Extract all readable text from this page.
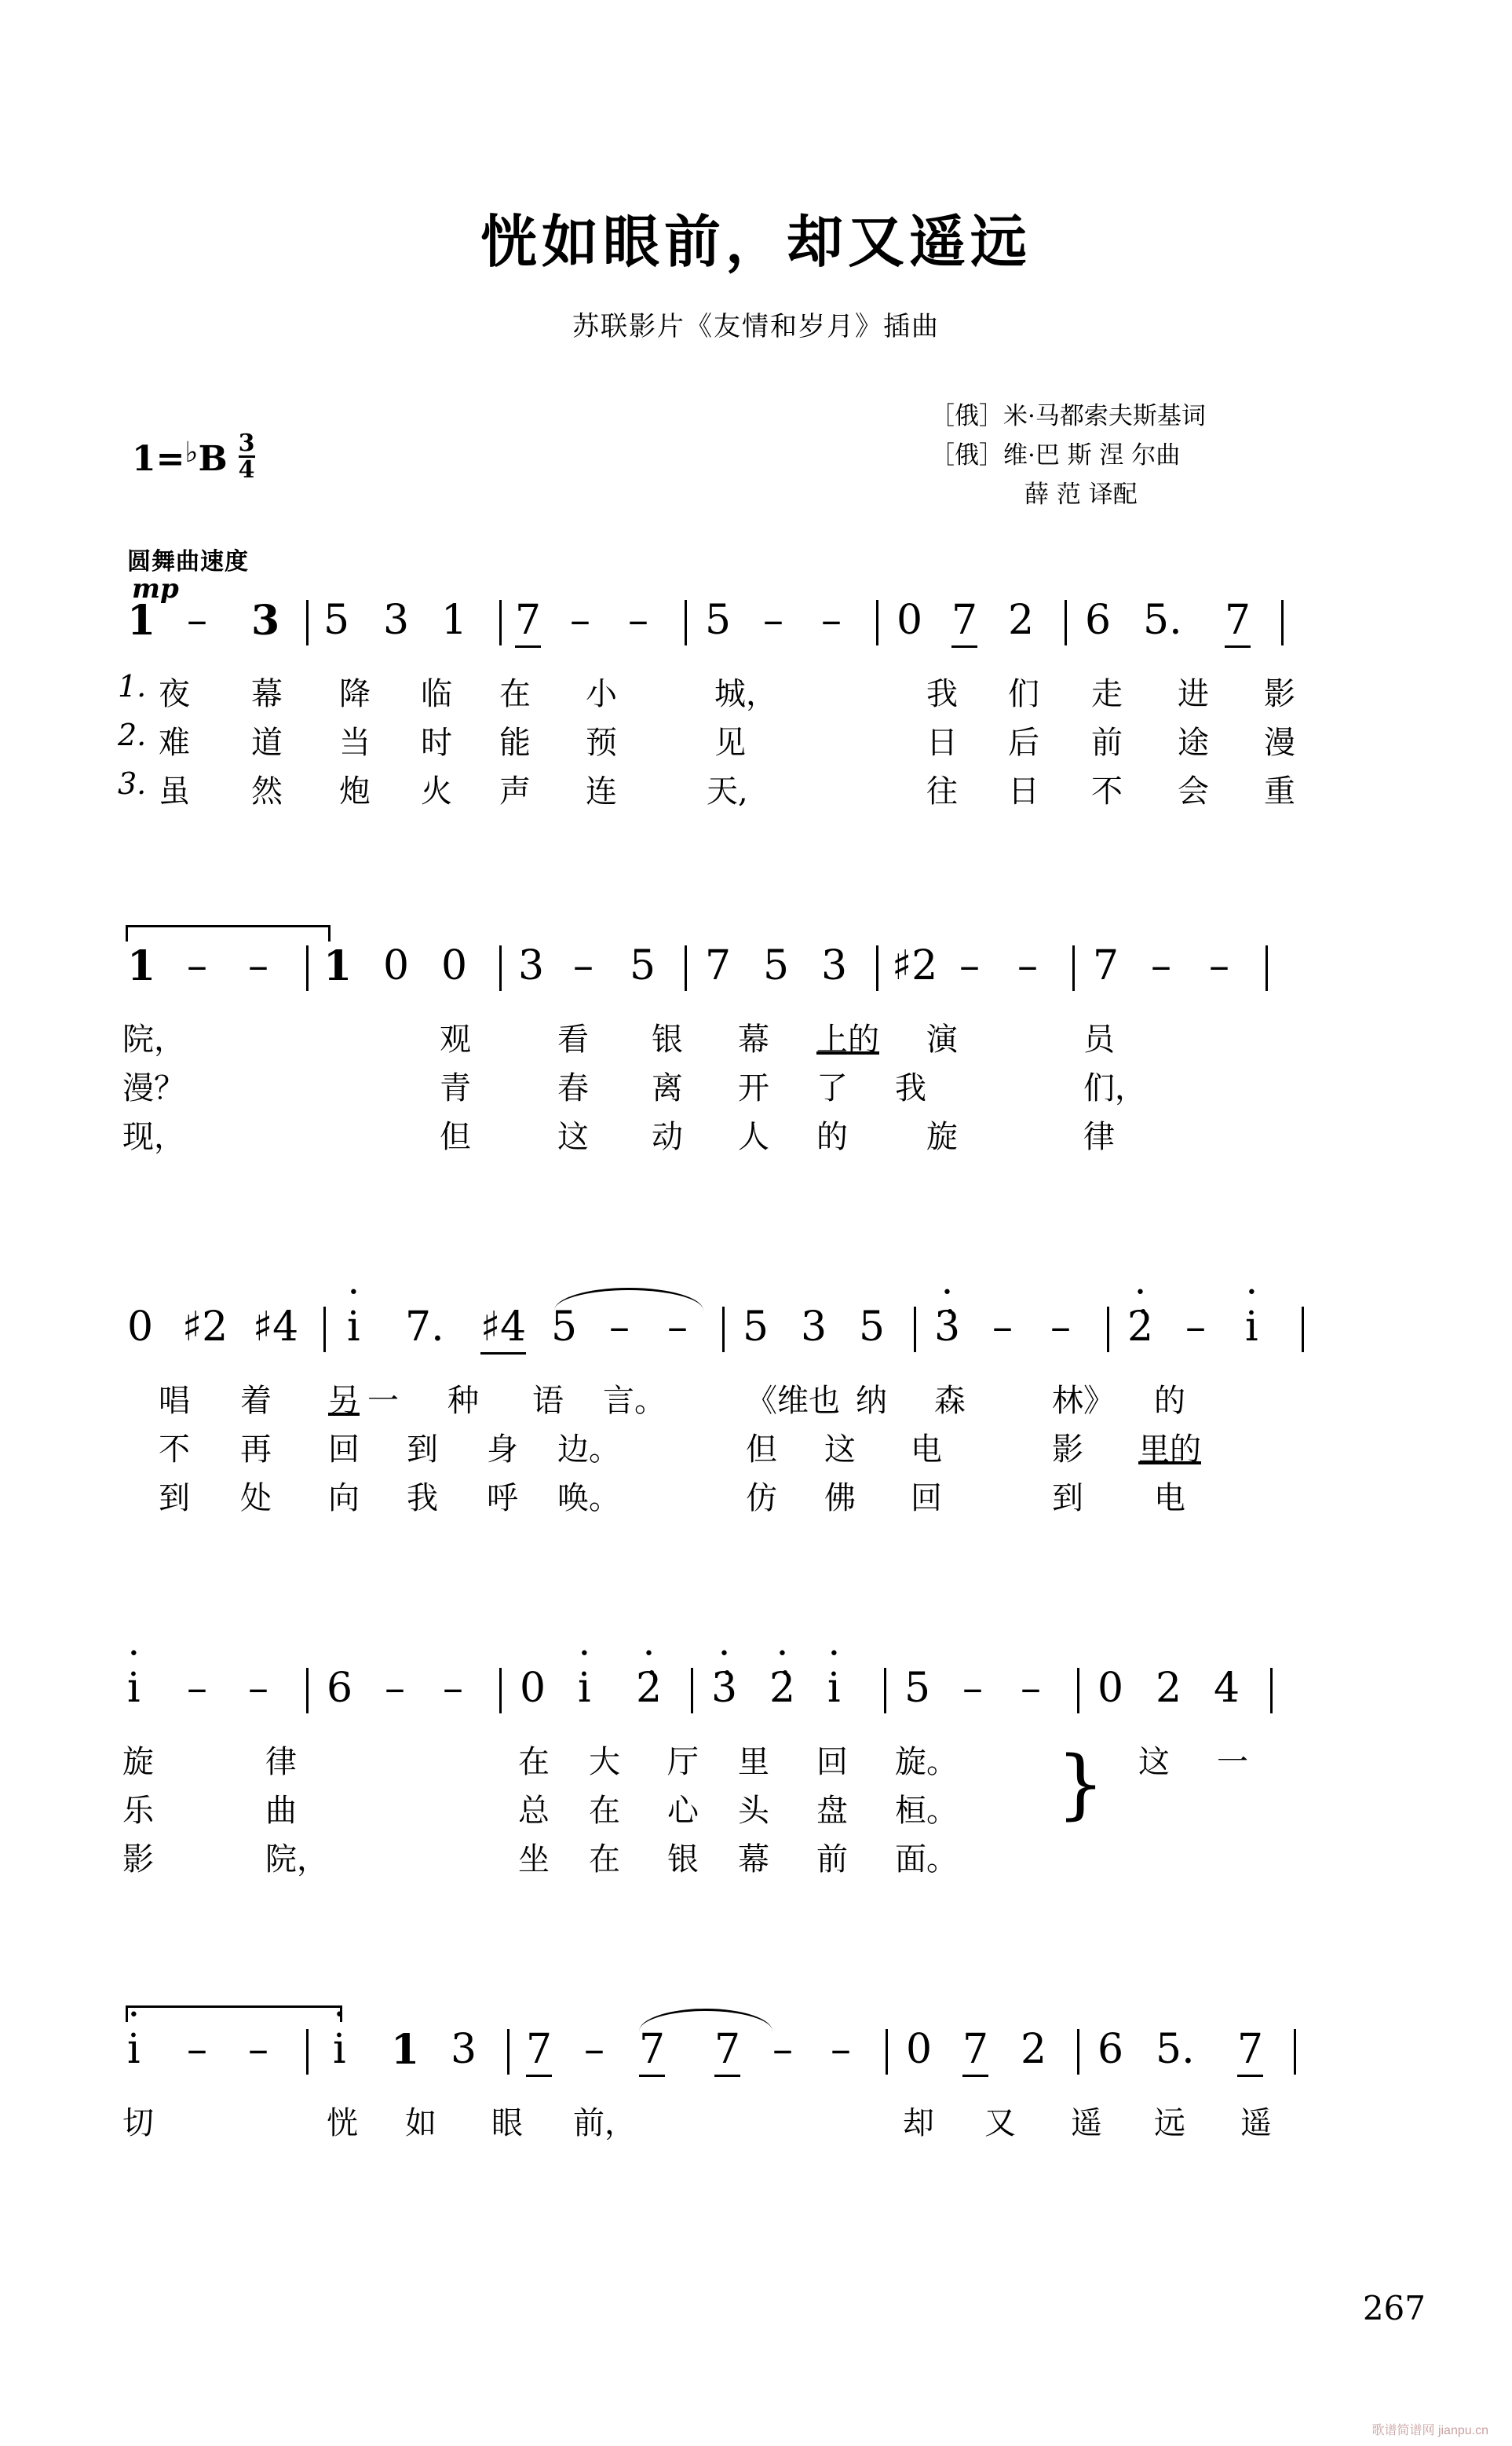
恍如眼前，却又遥远
苏联影片《友情和岁月》插曲
［俄］米·马都索夫斯基词
［俄］维·巴 斯 涅 尔曲
薛 范 译配
1= ♭ B $\frac{3}{4}$
圆舞曲速度
mp
1 – 3 5 3 1 7 – – 5 – – 0 7 2 6 5. 7
1. 夜 幕 降 临 在 小	城，	我 们 走 进 影
2. 难 道 当 时 能 预	见	日 后 前 途 漫
3. 虽 然 炮 火 声 连	天,	往 日 不 会 重
1 – – 1 0 0 3 – 5 7 5 3 ♯2 – – 7 – –
院，	观	看 银 幕 上的 演	员
漫？	青	春 离 开 了 我	们，
现，	但	这 动 人 的	旋	律
0 ♯2 ♯4 • i 7. ♯4 5 – – 5 3 5 • 3̇ – – • 2̇ – • i
唱 着 另 一 种 语 言。	《维 也 纳 森	林》 的
不 再 回 到 身 边。	但 这 电	影 里的
到 处 向 我 呼 唤。	仿 佛 回	到 电
• i – – 6 – – 0 • i • 2̇ • 3̇ • 2̇ • i 5 – – 0 2 4
}
旋	律	在 大 厅 里 回 旋。	这 一
乐	曲	总 在 心 头 盘 桓。
影	院，	坐 在 银 幕 前 面。
• i – – • i 1 3 7 – 7 7 – – 0 7 2 6 5. 7
切	恍 如 眼 前，	却 又 遥 远 遥
267
歌谱简谱网 jianpu.cn
